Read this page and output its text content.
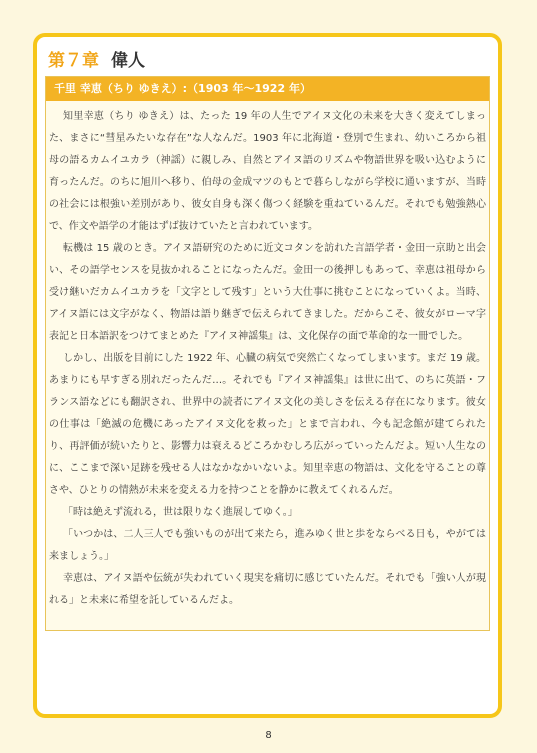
第７章 偉人
千里 幸恵（ちり ゆきえ）:（1903 年～1922 年）

知里幸恵（ちり ゆきえ）は、たった 19 年の人生でアイヌ文化の未来を大きく変えてしまった、まさに“彗星みたいな存在”な人なんだ。1903 年に北海道・登別で生まれ、幼いころから祖母の語るカムイユカラ（神謡）に親しみ、自然とアイヌ語のリズムや物語世界を吸い込むように育ったんだ。のちに旭川へ移り、伯母の金成マツのもとで暮らしながら学校に通いますが、当時の社会には根強い差別があり、彼女自身も深く傷つく経験を重ねているんだ。それでも勉強熱心で、作文や語学の才能はずば抜けていたと言われています。

転機は 15 歳のとき。アイヌ語研究のために近文コタンを訪れた言語学者・金田一京助と出会い、その語学センスを見抜かれることになったんだ。金田一の後押しもあって、幸恵は祖母から受け継いだカムイユカラを「文字として残す」という大仕事に挑むことになっていくよ。当時、アイヌ語には文字がなく、物語は語り継ぎで伝えられてきました。だからこそ、彼女がローマ字表記と日本語訳をつけてまとめた『アイヌ神謡集』は、文化保存の面で革命的な一冊でした。

しかし、出版を目前にした 1922 年、心臓の病気で突然亡くなってしまいます。まだ 19 歳。あまりにも早すぎる別れだったんだ…。それでも『アイヌ神謡集』は世に出て、のちに英語・フランス語などにも翻訳され、世界中の読者にアイヌ文化の美しさを伝える存在になります。彼女の仕事は「絶滅の危機にあったアイヌ文化を救った」とまで言われ、今も記念館が建てられたり、再評価が続いたりと、影響力は衰えるどころかむしろ広がっていったんだよ。短い人生なのに、ここまで深い足跡を残せる人はなかなかいないよ。知里幸恵の物語は、文化を守ることの尊さや、ひとりの情熱が未来を変える力を持つことを静かに教えてくれるんだ。

「時は絶えず流れる，世は限りなく進展してゆく。」

「いつかは、二人三人でも強いものが出て来たら，進みゆく世と歩をならべる日も，やがては来ましょう。」

幸恵は、アイヌ語や伝統が失われていく現実を痛切に感じていたんだ。それでも「強い人が現れる」と未来に希望を託しているんだよ。

8
